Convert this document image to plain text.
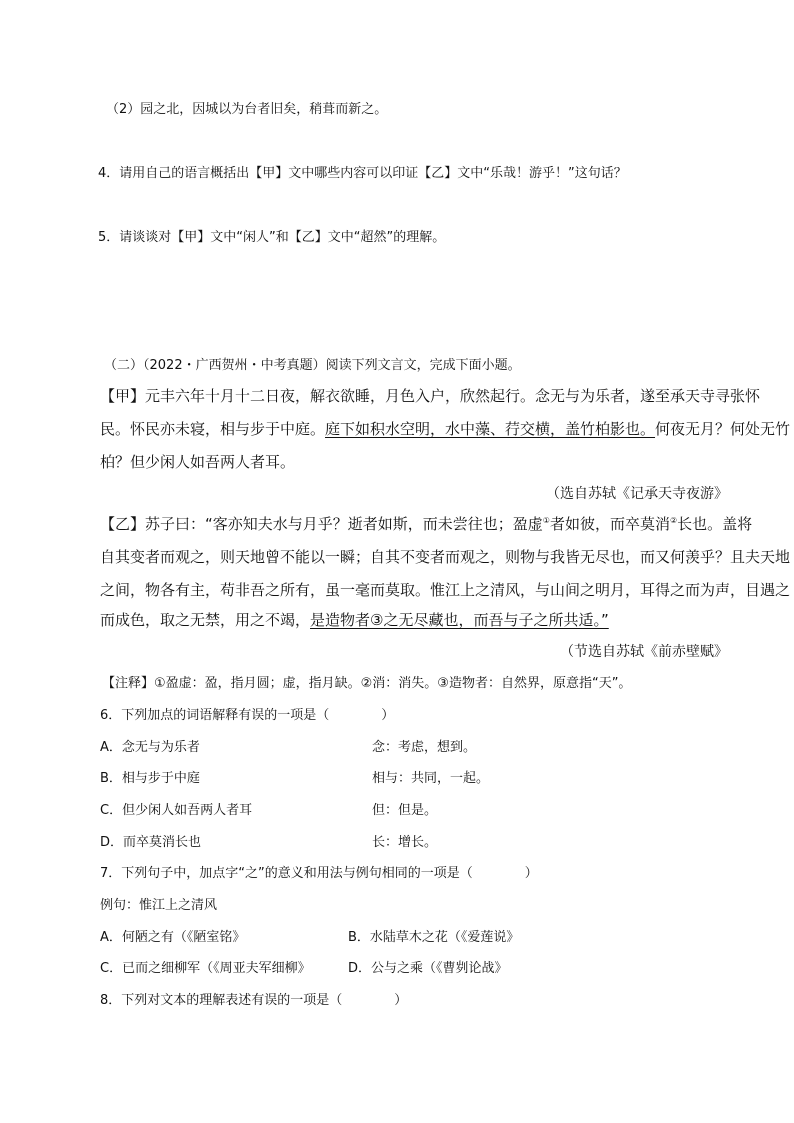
（2）园之北，因城以为台者旧矣，稍葺而新之。
4．请用自己的语言概括出【甲】文中哪些内容可以印证【乙】文中“乐哉！游乎！”这句话？
5．请谈谈对【甲】文中“闲人”和【乙】文中“超然”的理解。
（二）（2022・广西贺州・中考真题）阅读下列文言文，完成下面小题。
【甲】元丰六年十月十二日夜，解衣欲睡，月色入户，欣然起行。念无与为乐者，遂至承天寺寻张怀
民。怀民亦未寝，相与步于中庭。庭下如积水空明，水中藻、荇交横，盖竹柏影也。何夜无月？何处无竹
柏？但少闲人如吾两人者耳。
（选自苏轼《记承天寺夜游》
【乙】苏子曰：“客亦知夫水与月乎？逝者如斯，而未尝往也；盈虚①者如彼，而卒莫消②长也。盖将
自其变者而观之，则天地曾不能以一瞬；自其不变者而观之，则物与我皆无尽也，而又何羡乎？且夫天地
之间，物各有主，苟非吾之所有，虽一毫而莫取。惟江上之清风，与山间之明月，耳得之而为声，目遇之
而成色，取之无禁，用之不竭，是造物者③之无尽藏也，而吾与子之所共适。”
（节选自苏轼《前赤壁赋》
【注释】①盈虚：盈，指月圆；虚，指月缺。②消：消失。③造物者：自然界，原意指“天”。
6．下列加点的词语解释有误的一项是（　　　　）
A．念无与为乐者	念：考虑，想到。
B．相与步于中庭	相与：共同，一起。
C．但少闲人如吾两人者耳	但：但是。
D．而卒莫消长也	长：增长。
7．下列句子中，加点字“之”的意义和用法与例句相同的一项是（　　　　）
例句：惟江上之清风
A．何陋之有（《陋室铭》	B．水陆草木之花（《爱莲说》
C．已而之细柳军（《周亚夫军细柳》	D．公与之乘（《曹刿论战》
8．下列对文本的理解表述有误的一项是（　　　　）
